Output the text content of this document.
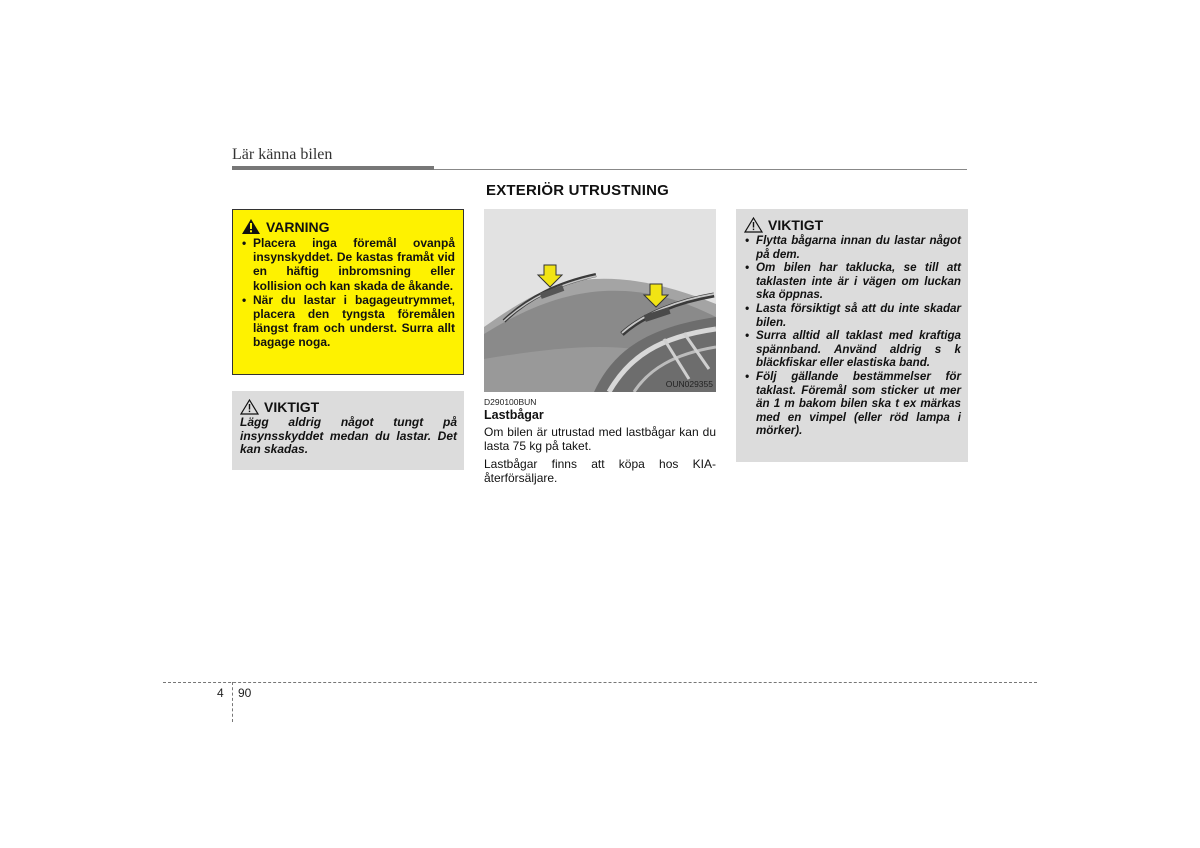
Lär känna bilen
EXTERIÖR UTRUSTNING
VARNING
• Placera inga föremål ovanpå insynskyddet. De kastas framåt vid en häftig inbromsning eller kollision och kan skada de åkande.
• När du lastar i bagageutrymmet, placera den tyngsta föremålen längst fram och underst. Surra allt bagage noga.
VIKTIGT
Lägg aldrig något tungt på insynsskyddet medan du lastar. Det kan skadas.
OUN029355
D290100BUN
Lastbågar

Om bilen är utrustad med lastbågar kan du lasta 75 kg på taket.

Lastbågar finns att köpa hos KIA-återförsäljare.

VIKTIGT
• Flytta bågarna innan du lastar något på dem.
• Om bilen har taklucka, se till att taklasten inte är i vägen om luckan ska öppnas.
• Lasta försiktigt så att du inte skadar bilen.
• Surra alltid all taklast med kraftiga spännband. Använd aldrig s k bläckfiskar eller elastiska band.
• Följ gällande bestämmelser för taklast. Föremål som sticker ut mer än 1 m bakom bilen ska t ex märkas med en vimpel (eller röd lampa i mörker).
4 90
